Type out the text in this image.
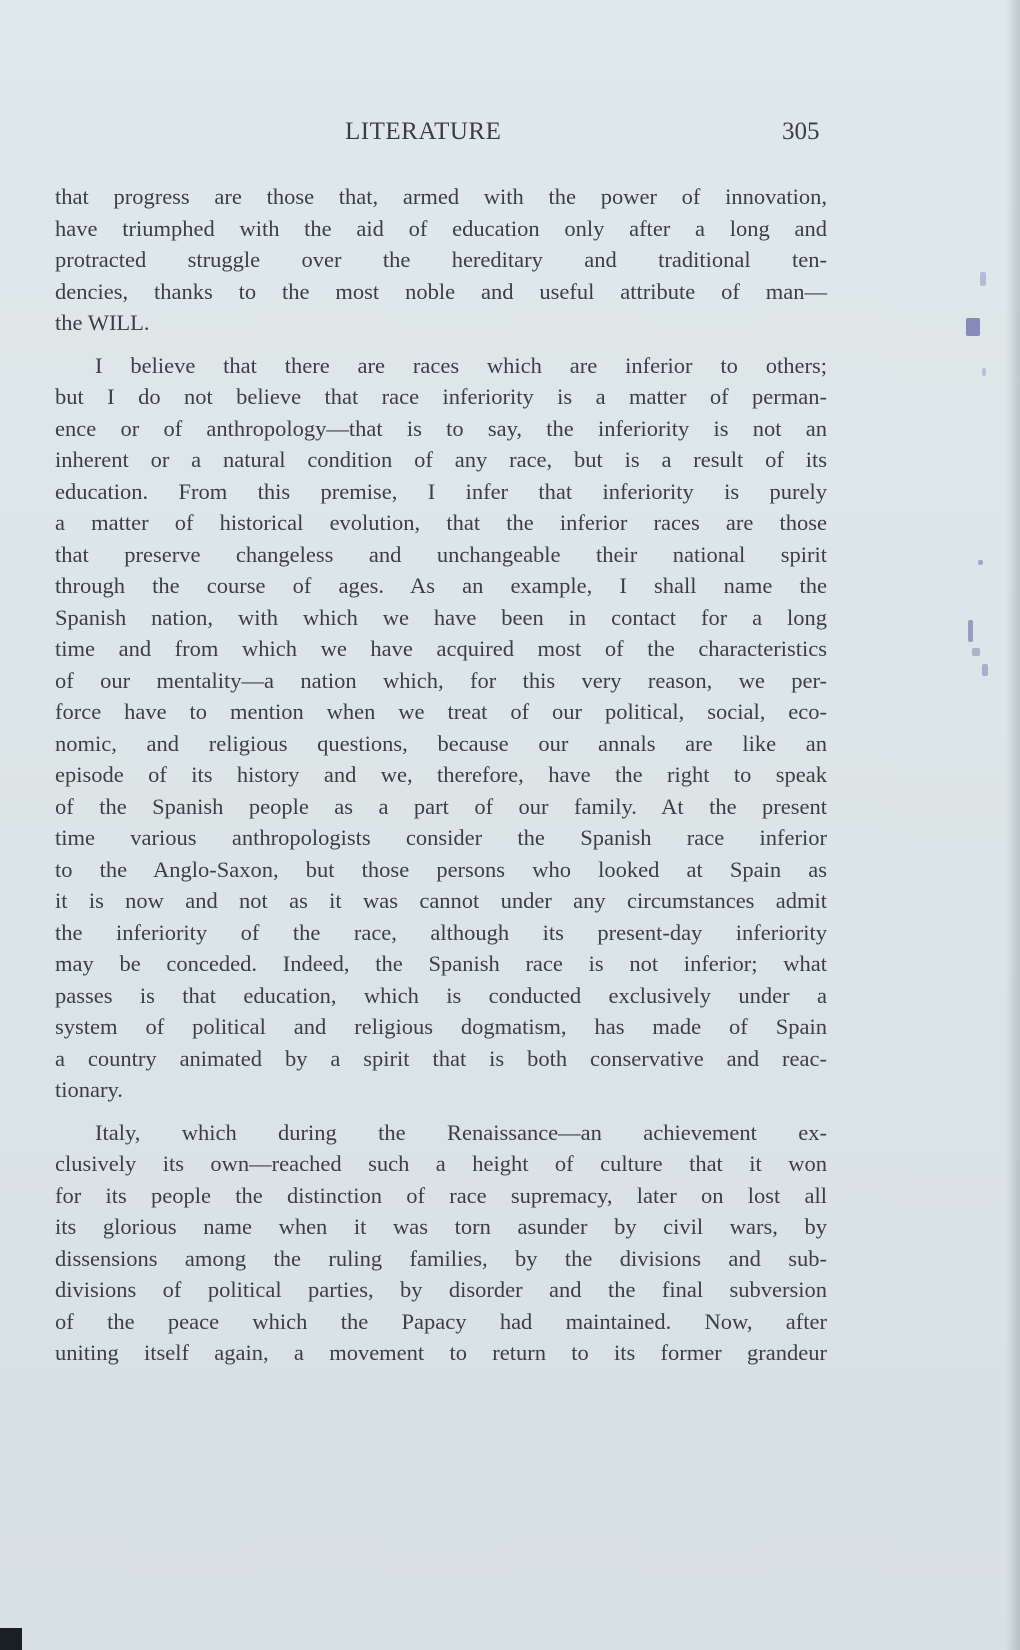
LITERATURE	305
that progress are those that, armed with the power of innovation,
have triumphed with the aid of education only after a long and
protracted struggle over the hereditary and traditional ten-
dencies, thanks to the most noble and useful attribute of man—
the WILL.
I believe that there are races which are inferior to others;
but I do not believe that race inferiority is a matter of perman-
ence or of anthropology—that is to say, the inferiority is not an
inherent or a natural condition of any race, but is a result of its
education. From this premise, I infer that inferiority is purely
a matter of historical evolution, that the inferior races are those
that preserve changeless and unchangeable their national spirit
through the course of ages. As an example, I shall name the
Spanish nation, with which we have been in contact for a long
time and from which we have acquired most of the characteristics
of our mentality—a nation which, for this very reason, we per-
force have to mention when we treat of our political, social, eco-
nomic, and religious questions, because our annals are like an
episode of its history and we, therefore, have the right to speak
of the Spanish people as a part of our family. At the present
time various anthropologists consider the Spanish race inferior
to the Anglo-Saxon, but those persons who looked at Spain as
it is now and not as it was cannot under any circumstances admit
the inferiority of the race, although its present-day inferiority
may be conceded. Indeed, the Spanish race is not inferior; what
passes is that education, which is conducted exclusively under a
system of political and religious dogmatism, has made of Spain
a country animated by a spirit that is both conservative and reac-
tionary.
Italy, which during the Renaissance—an achievement ex-
clusively its own—reached such a height of culture that it won
for its people the distinction of race supremacy, later on lost all
its glorious name when it was torn asunder by civil wars, by
dissensions among the ruling families, by the divisions and sub-
divisions of political parties, by disorder and the final subversion
of the peace which the Papacy had maintained. Now, after
uniting itself again, a movement to return to its former grandeur
